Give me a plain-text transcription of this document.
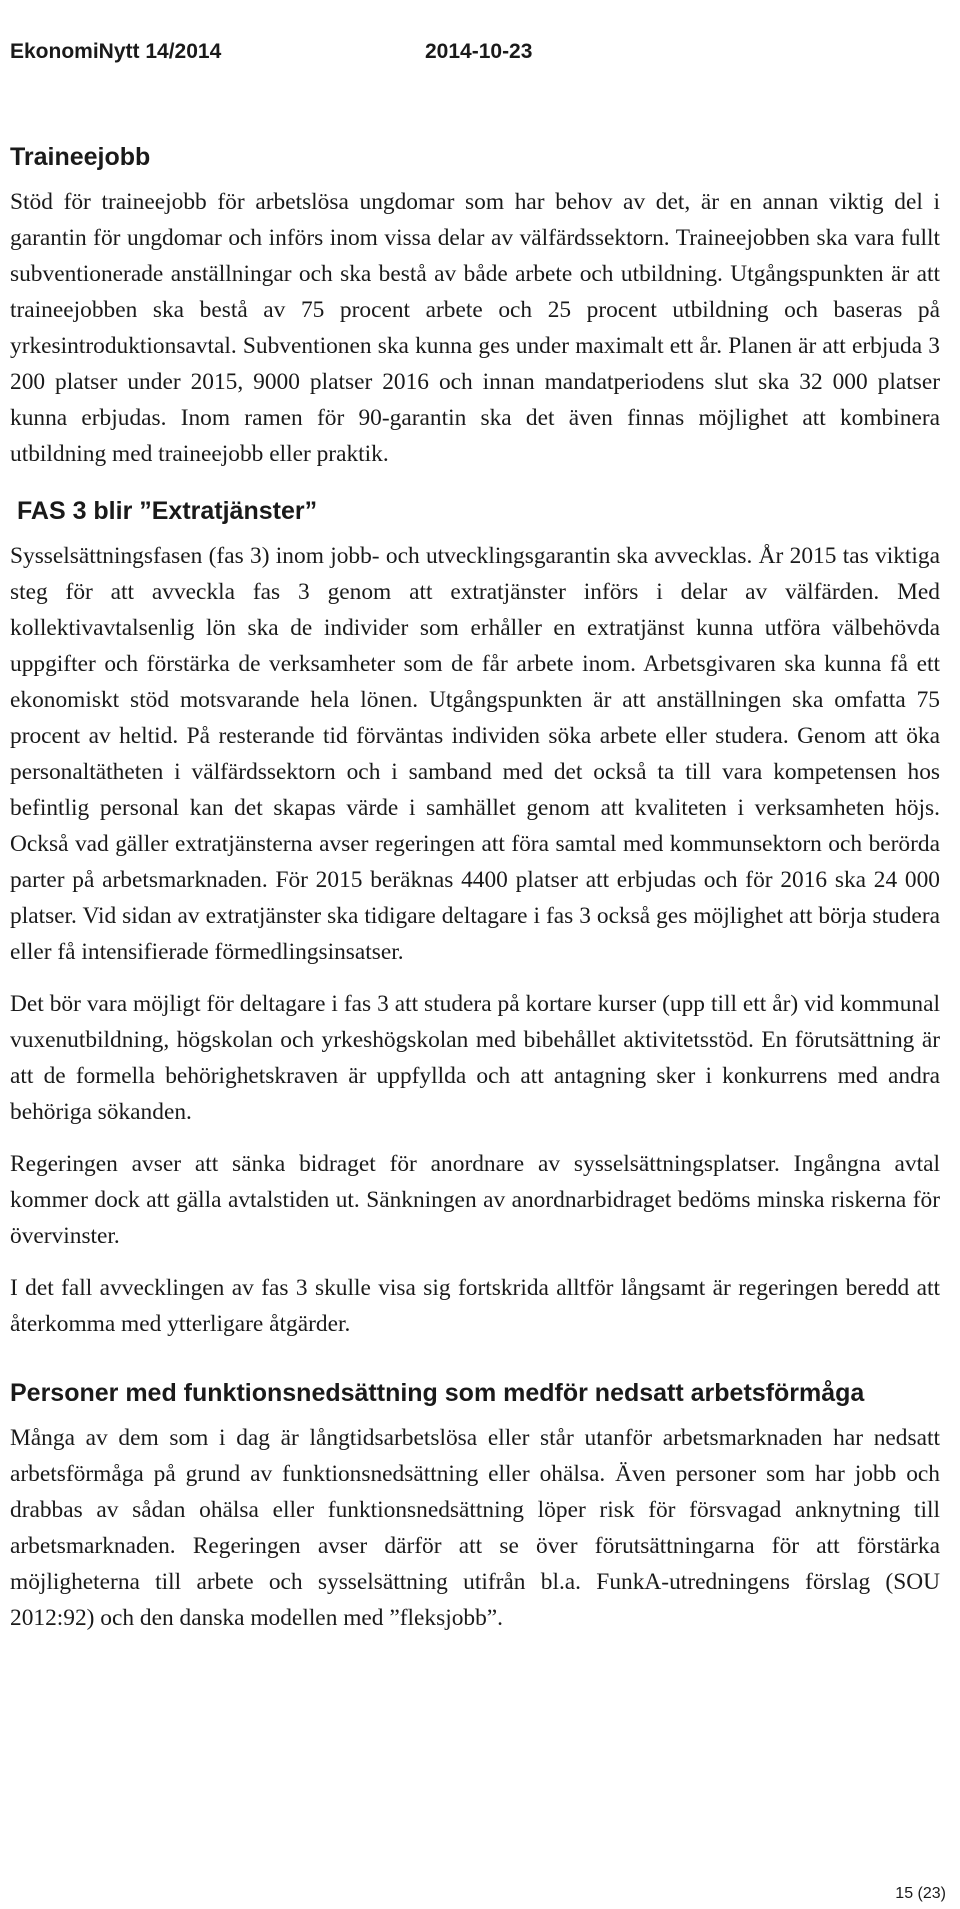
EkonomiNytt 14/2014	2014-10-23
Traineejobb

Stöd för traineejobb för arbetslösa ungdomar som har behov av det, är en annan viktig del i garantin för ungdomar och införs inom vissa delar av välfärdssektorn. Traineejobben ska vara fullt subventionerade anställningar och ska bestå av både arbete och utbildning. Utgångspunkten är att traineejobben ska bestå av 75 procent arbete och 25 procent utbildning och baseras på yrkesintroduktionsavtal. Subventionen ska kunna ges under maximalt ett år. Planen är att erbjuda 3 200 platser under 2015, 9000 platser 2016 och innan mandatperiodens slut ska 32 000 platser kunna erbjudas. Inom ramen för 90-garantin ska det även finnas möjlighet att kombinera utbildning med traineejobb eller praktik.

FAS 3 blir ”Extratjänster”

Sysselsättningsfasen (fas 3) inom jobb- och utvecklingsgarantin ska avvecklas. År 2015 tas viktiga steg för att avveckla fas 3 genom att extratjänster införs i delar av välfärden. Med kollektivavtalsenlig lön ska de individer som erhåller en extratjänst kunna utföra välbehövda uppgifter och förstärka de verksamheter som de får arbete inom. Arbetsgivaren ska kunna få ett ekonomiskt stöd motsvarande hela lönen. Utgångspunkten är att anställningen ska omfatta 75 procent av heltid. På resterande tid förväntas individen söka arbete eller studera. Genom att öka personaltätheten i välfärdssektorn och i samband med det också ta till vara kompetensen hos befintlig personal kan det skapas värde i samhället genom att kvaliteten i verksamheten höjs. Också vad gäller extratjänsterna avser regeringen att föra samtal med kommunsektorn och berörda parter på arbetsmarknaden. För 2015 beräknas 4400 platser att erbjudas och för 2016 ska 24 000 platser. Vid sidan av extratjänster ska tidigare deltagare i fas 3 också ges möjlighet att börja studera eller få intensifierade förmedlingsinsatser.

Det bör vara möjligt för deltagare i fas 3 att studera på kortare kurser (upp till ett år) vid kommunal vuxenutbildning, högskolan och yrkeshögskolan med bibehållet aktivitetsstöd. En förutsättning är att de formella behörighetskraven är uppfyllda och att antagning sker i konkurrens med andra behöriga sökanden.

Regeringen avser att sänka bidraget för anordnare av sysselsättningsplatser. Ingångna avtal kommer dock att gälla avtalstiden ut. Sänkningen av anordnarbidraget bedöms minska riskerna för övervinster.

I det fall avvecklingen av fas 3 skulle visa sig fortskrida alltför långsamt är regeringen beredd att återkomma med ytterligare åtgärder.

Personer med funktionsnedsättning som medför nedsatt arbetsförmåga

Många av dem som i dag är långtidsarbetslösa eller står utanför arbetsmarknaden har nedsatt arbetsförmåga på grund av funktionsnedsättning eller ohälsa. Även personer som har jobb och drabbas av sådan ohälsa eller funktionsnedsättning löper risk för försvagad anknytning till arbetsmarknaden. Regeringen avser därför att se över förutsättningarna för att förstärka möjligheterna till arbete och sysselsättning utifrån bl.a. FunkA-utredningens förslag (SOU 2012:92) och den danska modellen med ”fleksjobb”.

15 (23)
